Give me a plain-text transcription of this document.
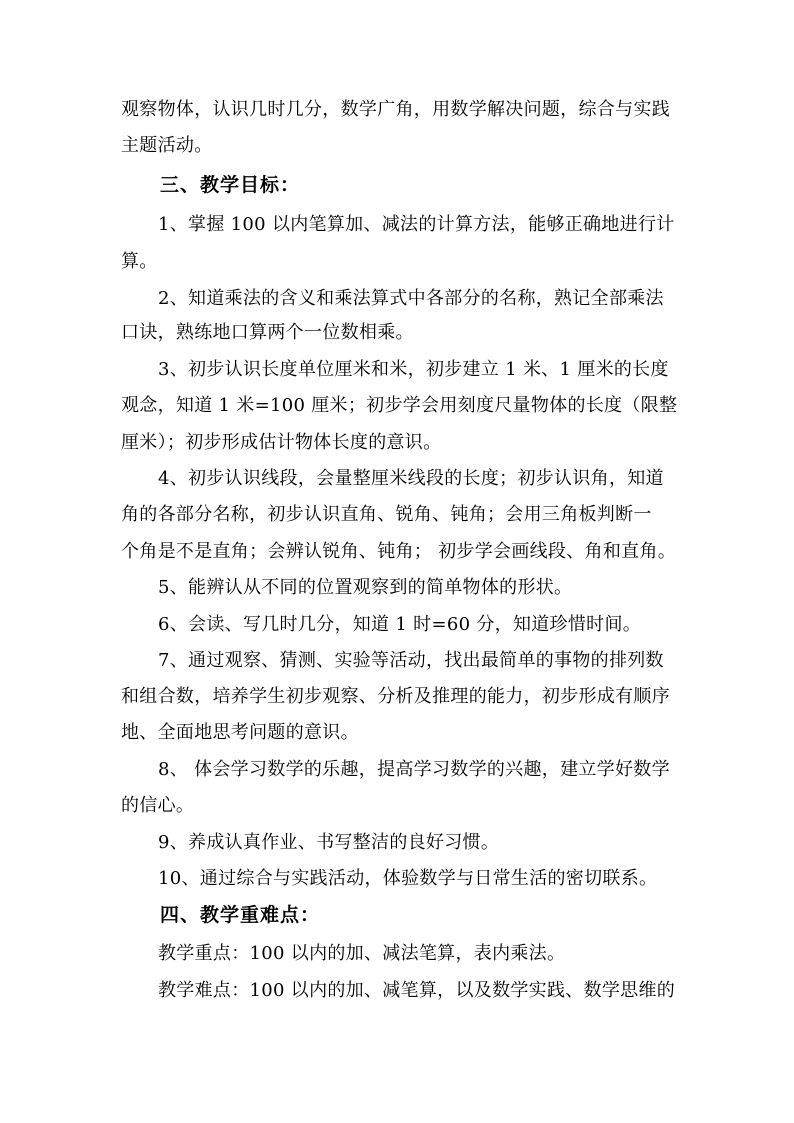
观察物体，认识几时几分，数学广角，用数学解决问题，综合与实践
主题活动。
三、教学目标：
1、掌握 100 以内笔算加、减法的计算方法，能够正确地进行计
算。
2、知道乘法的含义和乘法算式中各部分的名称，熟记全部乘法
口诀，熟练地口算两个一位数相乘。
3、初步认识长度单位厘米和米，初步建立 1 米、1 厘米的长度
观念，知道 1 米=100 厘米；初步学会用刻度尺量物体的长度（限整
厘米）；初步形成估计物体长度的意识。
4、初步认识线段，会量整厘米线段的长度；初步认识角，知道
角的各部分名称，初步认识直角、锐角、钝角；会用三角板判断一
个角是不是直角；会辨认锐角、钝角； 初步学会画线段、角和直角。
5、能辨认从不同的位置观察到的简单物体的形状。
6、会读、写几时几分，知道 1 时=60 分，知道珍惜时间。
7、通过观察、猜测、实验等活动，找出最简单的事物的排列数
和组合数，培养学生初步观察、分析及推理的能力，初步形成有顺序
地、全面地思考问题的意识。
8、 体会学习数学的乐趣，提高学习数学的兴趣，建立学好数学
的信心。
9、养成认真作业、书写整洁的良好习惯。
10、通过综合与实践活动，体验数学与日常生活的密切联系。
四、教学重难点：
教学重点：100 以内的加、减法笔算，表内乘法。
教学难点：100 以内的加、减笔算，以及数学实践、数学思维的
